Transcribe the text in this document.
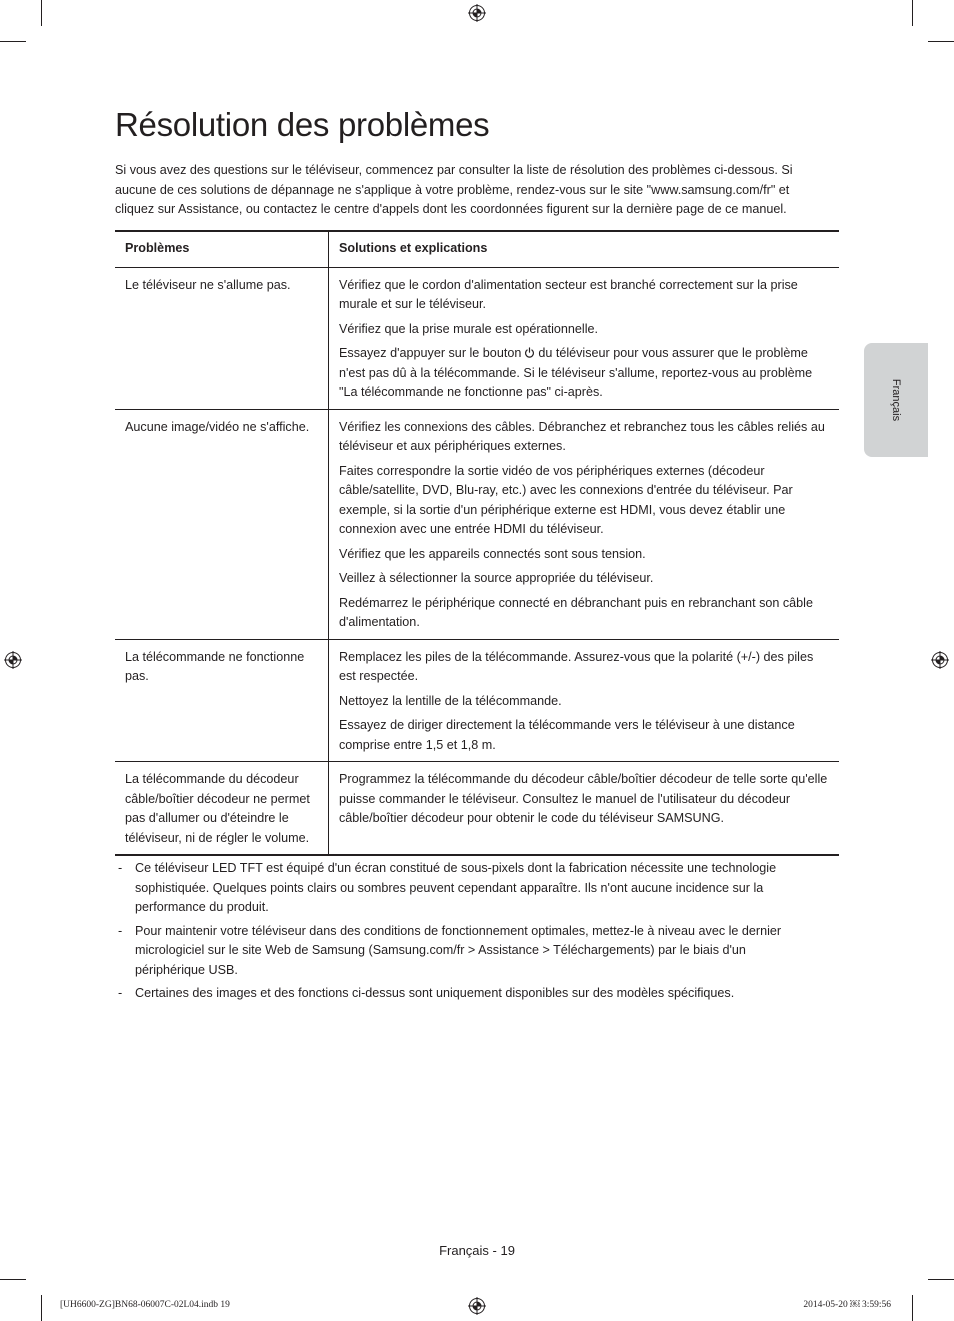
Résolution des problèmes

Si vous avez des questions sur le téléviseur, commencez par consulter la liste de résolution des problèmes ci-dessous. Si aucune de ces solutions de dépannage ne s'applique à votre problème, rendez-vous sur le site "www.samsung.com/fr" et cliquez sur Assistance, ou contactez le centre d'appels dont les coordonnées figurent sur la dernière page de ce manuel.

Problèmes	Solutions et explications
Le téléviseur ne s'allume pas.	Vérifiez que le cordon d'alimentation secteur est branché correctement sur la prise murale et sur le téléviseur.

Vérifiez que la prise murale est opérationnelle.

Essayez d'appuyer sur le bouton du téléviseur pour vous assurer que le problème n'est pas dû à la télécommande. Si le téléviseur s'allume, reportez-vous au problème "La télécommande ne fonctionne pas" ci-après.

Aucune image/vidéo ne s'affiche.	Vérifiez les connexions des câbles. Débranchez et rebranchez tous les câbles reliés au téléviseur et aux périphériques externes.

Faites correspondre la sortie vidéo de vos périphériques externes (décodeur câble/satellite, DVD, Blu-ray, etc.) avec les connexions d'entrée du téléviseur. Par exemple, si la sortie d'un périphérique externe est HDMI, vous devez établir une connexion avec une entrée HDMI du téléviseur.

Vérifiez que les appareils connectés sont sous tension.

Veillez à sélectionner la source appropriée du téléviseur.

Redémarrez le périphérique connecté en débranchant puis en rebranchant son câble d'alimentation.

La télécommande ne fonctionne pas.	Remplacez les piles de la télécommande. Assurez-vous que la polarité (+/-) des piles est respectée.

Nettoyez la lentille de la télécommande.

Essayez de diriger directement la télécommande vers le téléviseur à une distance comprise entre 1,5 et 1,8 m.

La télécommande du décodeur câble/boîtier décodeur ne permet pas d'allumer ou d'éteindre le téléviseur, ni de régler le volume.	Programmez la télécommande du décodeur câble/boîtier décodeur de telle sorte qu'elle puisse commander le téléviseur. Consultez le manuel de l'utilisateur du décodeur câble/boîtier décodeur pour obtenir le code du téléviseur SAMSUNG.

- Ce téléviseur LED TFT est équipé d'un écran constitué de sous-pixels dont la fabrication nécessite une technologie sophistiquée. Quelques points clairs ou sombres peuvent cependant apparaître. Ils n'ont aucune incidence sur la performance du produit.
- Pour maintenir votre téléviseur dans des conditions de fonctionnement optimales, mettez-le à niveau avec le dernier micrologiciel sur le site Web de Samsung (Samsung.com/fr > Assistance > Téléchargements) par le biais d'un périphérique USB.
- Certaines des images et des fonctions ci-dessus sont uniquement disponibles sur des modèles spécifiques.
Français
Français - 19
[UH6600-ZG]BN68-06007C-02L04.indb 19	2014-05-20 ￼ 3:59:56
